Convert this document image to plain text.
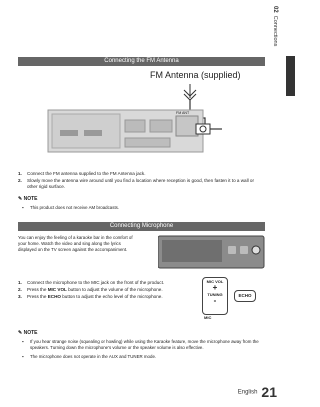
02  Connections
Connecting the FM Antenna
FM Antenna (supplied)
FM ANT
1.	Connect the FM antenna supplied to the FM Antenna jack.
2.	Slowly move the antenna wire around until you find a location where reception is good, then fasten it to a wall or other rigid surface.
✎ NOTE
▪	This product does not receive AM broadcasts.
Connecting Microphone
You can enjoy the feeling of a karaoke bar in the comfort of your home. Watch the video and sing along the lyrics displayed on the TV screen against the accompaniment.
1.	Connect the microphone to the MIC jack on the front of the product.
2.	Press the MIC VOL button to adjust the volume of the microphone.
3.	Press the ECHO button to adjust the echo level of the microphone.
MIC VOL
+
TUNING
-
ECHO
MIC
✎ NOTE
▪	If you hear strange noise (squealing or howling) while using the Karaoke feature, move the microphone away from the speakers. Turning down the microphone's volume or the speaker volume is also effective.
▪	The microphone does not operate in the AUX and TUNER mode.
English 21
